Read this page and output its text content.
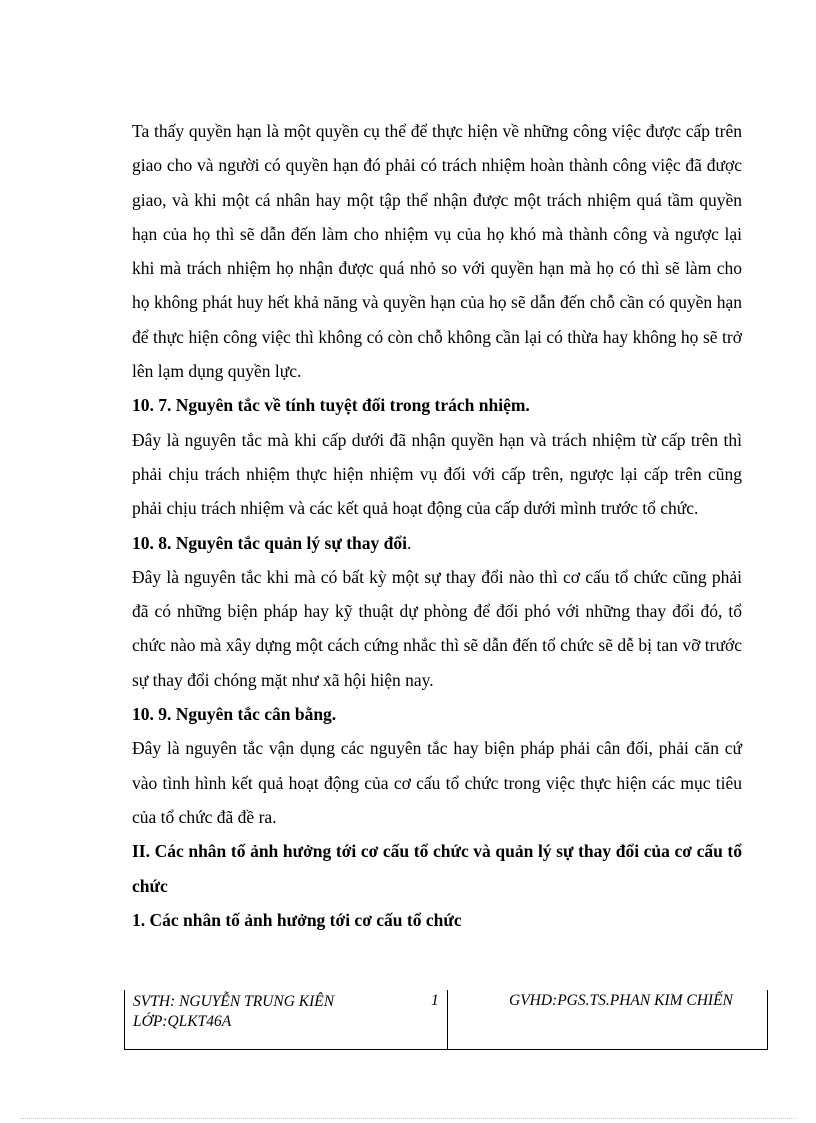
Ta thấy quyền hạn là một quyền cụ thể để thực hiện về những công việc được cấp trên giao cho và người có quyền hạn đó phải có trách nhiệm hoàn thành công việc đã được giao, và khi một cá nhân hay một tập thể nhận được một trách nhiệm quá tầm quyền hạn của họ thì sẽ dẫn đến làm cho nhiệm vụ của họ khó mà thành công và ngược lại khi mà trách nhiệm họ nhận được quá nhỏ so với quyền hạn mà họ có thì sẽ làm cho họ không phát huy hết khả năng và quyền hạn của họ sẽ dẫn đến chỗ cần có quyền hạn để thực hiện công việc thì không có còn chỗ không cần lại có thừa hay không họ sẽ trở lên lạm dụng quyền lực.

10. 7. Nguyên tắc về tính tuyệt đối trong trách nhiệm.

Đây là nguyên tắc mà khi cấp dưới đã nhận quyền hạn và trách nhiệm từ cấp trên thì phải chịu trách nhiệm thực hiện nhiệm vụ đối với cấp trên, ngược lại cấp trên cũng phải chịu trách nhiệm và các kết quả hoạt động của cấp dưới mình trước tổ chức.

10. 8. Nguyên tắc quản lý sự thay đổi.

Đây là nguyên tắc khi mà có bất kỳ một sự thay đổi nào thì cơ cấu tổ chức cũng phải đã có những biện pháp hay kỹ thuật dự phòng để đối phó với những thay đổi đó, tổ chức nào mà xây dựng một cách cứng nhắc thì sẽ dẫn đến tổ chức sẽ dễ bị tan vỡ trước sự thay đổi chóng mặt như xã hội hiện nay.

10. 9. Nguyên tắc cân bằng.

Đây là nguyên tắc vận dụng các nguyên tắc hay biện pháp phải cân đối, phải căn cứ vào tình hình kết quả hoạt động của cơ cấu tổ chức trong việc thực hiện các mục tiêu của tổ chức đã đề ra.

II. Các nhân tố ảnh hưởng tới cơ cấu tổ chức và quản lý sự thay đổi của cơ cấu tổ chức
1. Các nhân tố ảnh hưởng tới cơ cấu tổ chức
SVTH: NGUYỄN TRUNG KIÊN
LỚP:QLKT46A
1	GVHD:PGS.TS.PHAN KIM CHIẾN
